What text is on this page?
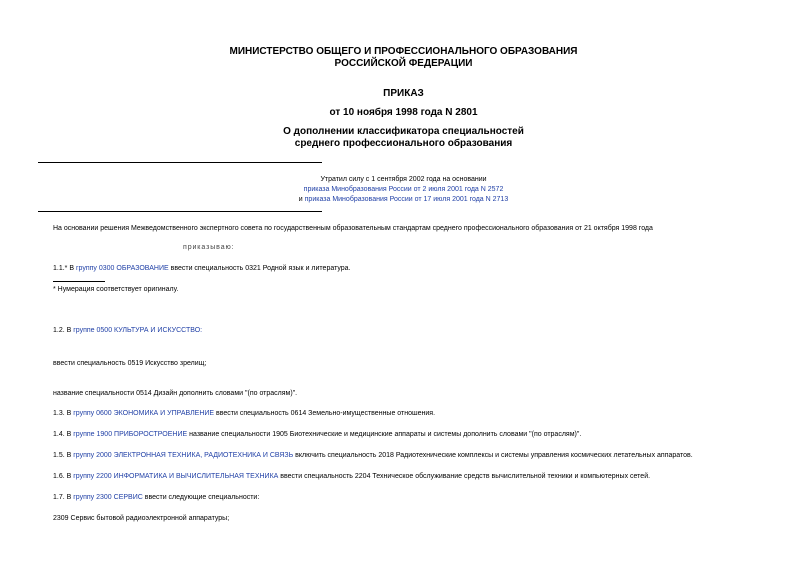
МИНИСТЕРСТВО ОБЩЕГО И ПРОФЕССИОНАЛЬНОГО ОБРАЗОВАНИЯ
РОССИЙСКОЙ ФЕДЕРАЦИИ
ПРИКАЗ
от 10 ноября 1998 года N 2801
О дополнении классификатора специальностей
среднего профессионального образования
Утратил силу с 1 сентября 2002 года на основании
приказа Минобразования России от 2 июля 2001 года N 2572
и приказа Минобразования России от 17 июля 2001 года N 2713
На основании решения Межведомственного экспертного совета по государственным образовательным стандартам среднего профессионального образования от 21 октября 1998 года
приказываю:
1.1.* В группу 0300 ОБРАЗОВАНИЕ ввести специальность 0321 Родной язык и литература.
* Нумерация соответствует оригиналу.
1.2. В группе 0500 КУЛЬТУРА И ИСКУССТВО:
ввести специальность 0519 Искусство зрелищ;
название специальности 0514 Дизайн дополнить словами "(по отраслям)".
1.3. В группу 0600 ЭКОНОМИКА И УПРАВЛЕНИЕ ввести специальность 0614 Земельно-имущественные отношения.
1.4. В группе 1900 ПРИБОРОСТРОЕНИЕ название специальности 1905 Биотехнические и медицинские аппараты и системы дополнить словами "(по отраслям)".
1.5. В группу 2000 ЭЛЕКТРОННАЯ ТЕХНИКА, РАДИОТЕХНИКА И СВЯЗЬ включить специальность 2018 Радиотехнические комплексы и системы управления космических летательных аппаратов.
1.6. В группу 2200 ИНФОРМАТИКА И ВЫЧИСЛИТЕЛЬНАЯ ТЕХНИКА ввести специальность 2204 Техническое обслуживание средств вычислительной техники и компьютерных сетей.
1.7. В группу 2300 СЕРВИС ввести следующие специальности:
2309 Сервис бытовой радиоэлектронной аппаратуры;
